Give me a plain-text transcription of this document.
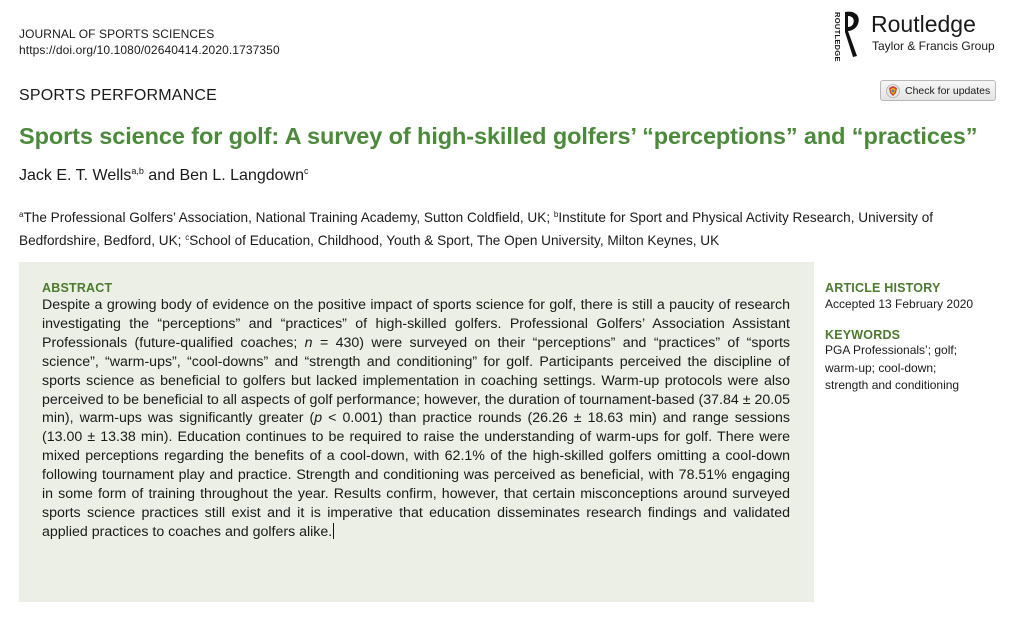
JOURNAL OF SPORTS SCIENCES
https://doi.org/10.1080/02640414.2020.1737350	ROUTLEDGE Routledge
Taylor & Francis Group
SPORTS PERFORMANCE	Check for updates
Sports science for golf: A survey of high-skilled golfers’ “perceptions” and “practices”
Jack E. T. Wells$^{a,b}$ and Ben L. Langdown$^c$
$^a$The Professional Golfers’ Association, National Training Academy, Sutton Coldfield, UK; $^b$Institute for Sport and Physical Activity Research, University of Bedfordshire, Bedford, UK; $^c$School of Education, Childhood, Youth & Sport, The Open University, Milton Keynes, UK
ABSTRACT
Despite a growing body of evidence on the positive impact of sports science for golf, there is still a paucity of research investigating the “perceptions” and “practices” of high-skilled golfers. Professional Golfers’ Association Assistant Professionals (future-qualified coaches; n = 430) were surveyed on their “perceptions” and “practices” of “sports science”, “warm-ups”, “cool-downs” and “strength and conditioning” for golf. Participants perceived the discipline of sports science as beneficial to golfers but lacked implementation in coaching settings. Warm-up protocols were also perceived to be beneficial to all aspects of golf performance; however, the duration of tournament-based (37.84 ± 20.05 min), warm-ups was significantly greater (p < 0.001) than practice rounds (26.26 ± 18.63 min) and range sessions (13.00 ± 13.38 min). Education continues to be required to raise the understanding of warm-ups for golf. There were mixed perceptions regarding the benefits of a cool-down, with 62.1% of the high-skilled golfers omitting a cool-down following tournament play and practice. Strength and conditioning was perceived as beneficial, with 78.51% engaging in some form of training throughout the year. Results confirm, however, that certain misconceptions around surveyed sports science practices still exist and it is imperative that education disseminates research findings and validated applied practices to coaches and golfers alike.
ARTICLE HISTORY
Accepted 13 February 2020
KEYWORDS
PGA Professionals’; golf;
warm-up; cool-down;
strength and conditioning
